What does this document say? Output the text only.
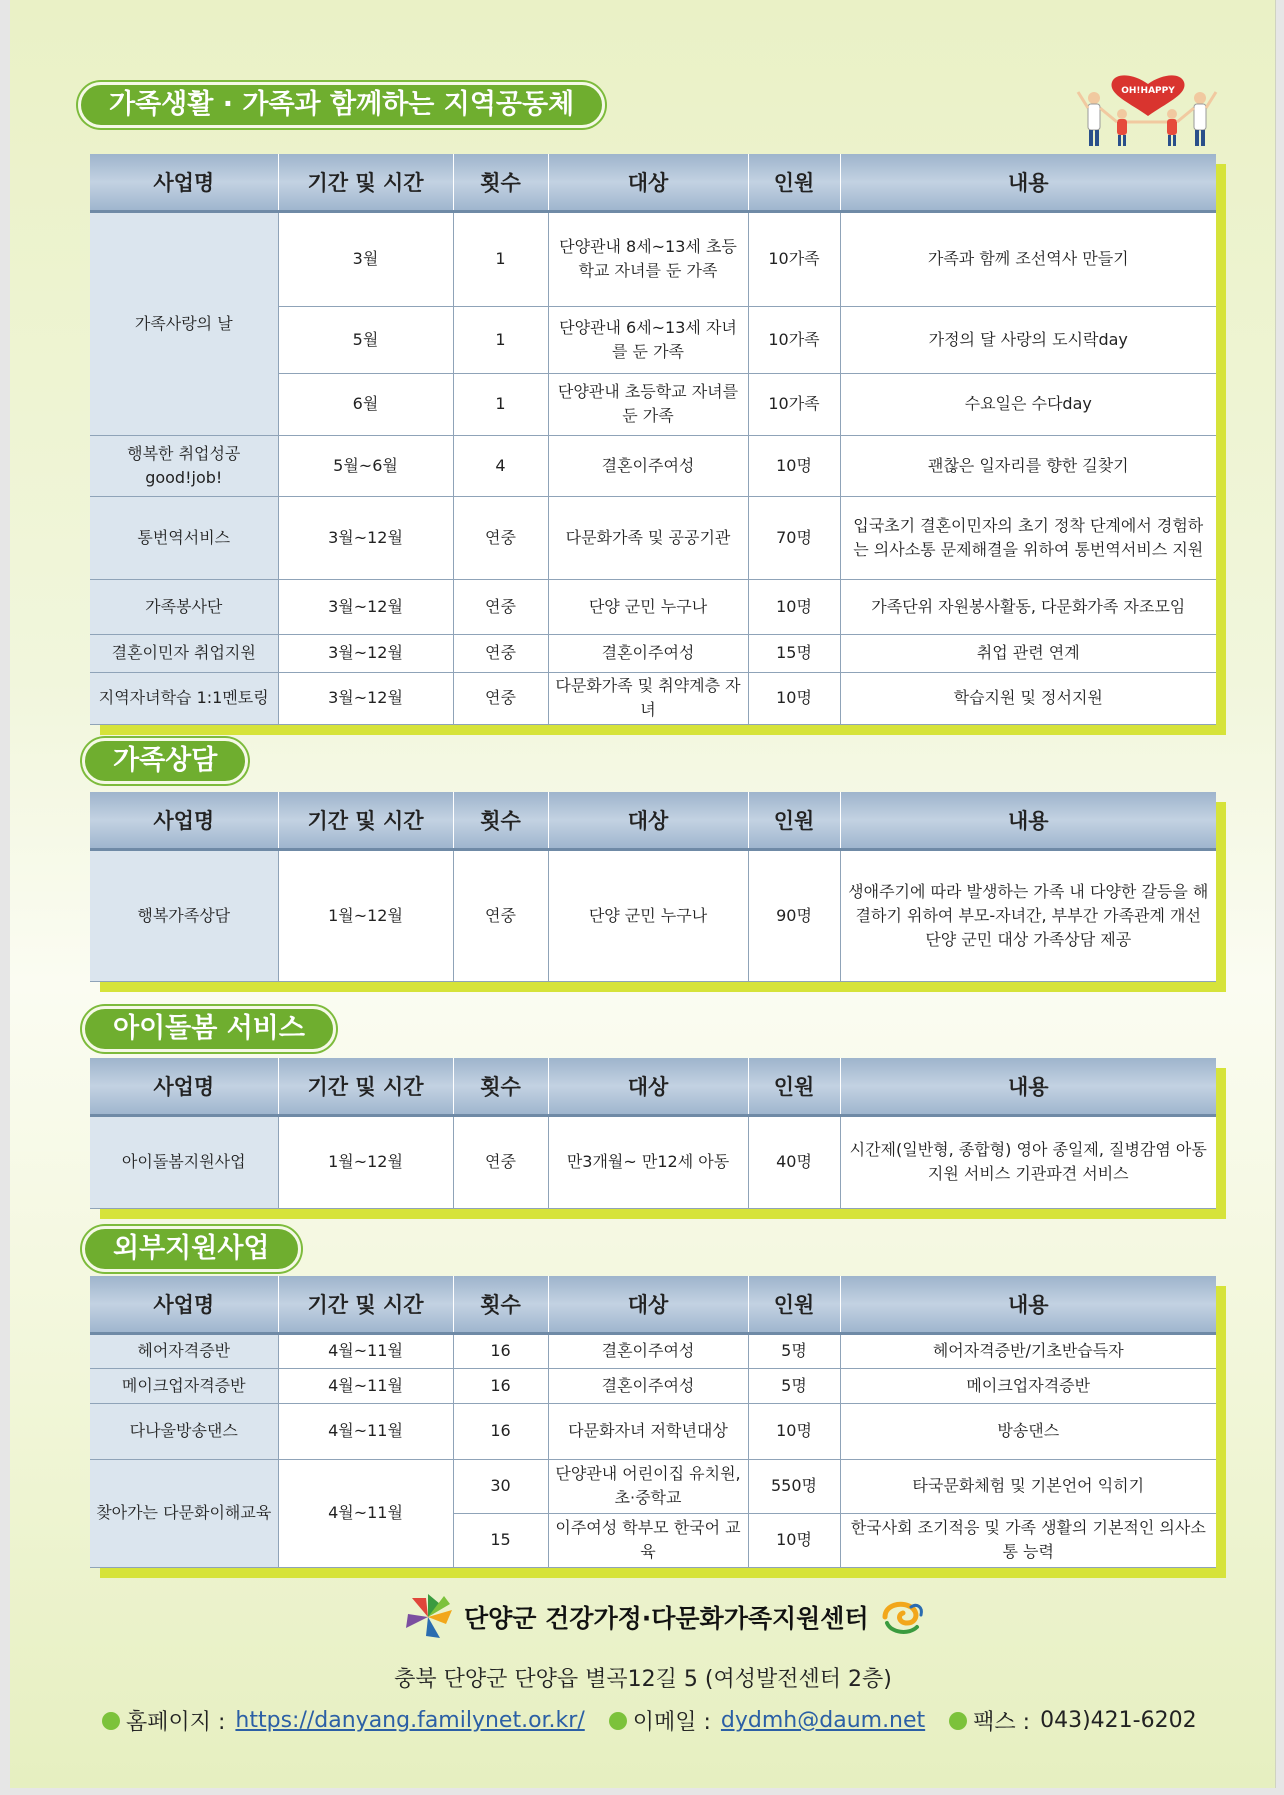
가족생활 · 가족과 함께하는 지역공동체	OH!HAPPY
사업명	기간 및 시간	횟수	대상	인원	내용
가족사랑의 날	3월	1	단양관내 8세~13세 초등학교 자녀를 둔 가족	10가족	가족과 함께 조선역사 만들기
	5월	1	단양관내 6세~13세 자녀를 둔 가족	10가족	가정의 달 사랑의 도시락day
	6월	1	단양관내 초등학교 자녀를 둔 가족	10가족	수요일은 수다day
행복한 취업성공 good!job!	5월~6월	4	결혼이주여성	10명	괜찮은 일자리를 향한 길찾기
통번역서비스	3월~12월	연중	다문화가족 및 공공기관	70명	입국초기 결혼이민자의 초기 정착 단계에서 경험하는 의사소통 문제해결을 위하여 통번역서비스 지원
가족봉사단	3월~12월	연중	단양 군민 누구나	10명	가족단위 자원봉사활동, 다문화가족 자조모임
결혼이민자 취업지원	3월~12월	연중	결혼이주여성	15명	취업 관련 연계
지역자녀학습 1:1멘토링	3월~12월	연중	다문화가족 및 취약계층 자녀	10명	학습지원 및 정서지원
가족상담
사업명	기간 및 시간	횟수	대상	인원	내용
행복가족상담	1월~12월	연중	단양 군민 누구나	90명	생애주기에 따라 발생하는 가족 내 다양한 갈등을 해결하기 위하여 부모-자녀간, 부부간 가족관계 개선 단양 군민 대상 가족상담 제공
아이돌봄 서비스
사업명	기간 및 시간	횟수	대상	인원	내용
아이돌봄지원사업	1월~12월	연중	만3개월~ 만12세 아동	40명	시간제(일반형, 종합형) 영아 종일제, 질병감염 아동지원 서비스 기관파견 서비스
외부지원사업
사업명	기간 및 시간	횟수	대상	인원	내용
헤어자격증반	4월~11월	16	결혼이주여성	5명	헤어자격증반/기초반습득자
메이크업자격증반	4월~11월	16	결혼이주여성	5명	메이크업자격증반
다나울방송댄스	4월~11월	16	다문화자녀 저학년대상	10명	방송댄스
찾아가는 다문화이해교육	4월~11월	30	단양관내 어린이집 유치원, 초·중학교	550명	타국문화체험 및 기본언어 익히기
		15	이주여성 학부모 한국어 교육	10명	한국사회 조기적응 및 가족 생활의 기본적인 의사소통 능력
단양군 건강가정·다문화가족지원센터
충북 단양군 단양읍 별곡12길 5 (여성발전센터 2층)
홈페이지 : https://danyang.familynet.or.kr/ 이메일 : dydmh@daum.net 팩스 : 043)421-6202
